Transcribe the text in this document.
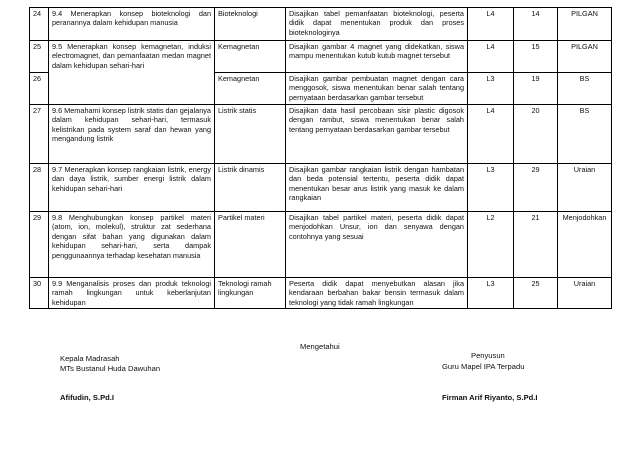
24	9.4 Menerapkan konsep bioteknologi dan peranannya dalam kehidupan manusia	Bioteknologi	Disajikan tabel pemanfaatan bioteknologi, peserta didik dapat menentukan produk dan proses bioteknologinya	L4	14	PILGAN
25	9.5 Menerapkan konsep kemagnetan, induksi electromagnet, dan pemanfaatan medan magnet dalam kehidupan sehari-hari	Kemagnetan	Disajikan gambar 4 magnet yang didekatkan, siswa mampu menentukan kutub kutub magnet tersebut	L4	15	PILGAN
26		Kemagnetan	Disajikan gambar pembuatan magnet dengan cara menggosok, siswa menentukan benar salah tentang pernyataan berdasarkan gambar tersebut	L3	19	BS
27	9.6 Memahami konsep listrik statis dan gejalanya dalam kehidupan sehari-hari, termasuk kelistrikan pada system saraf dan hewan yang mengandung listrik	Listrik statis	Disajikan data hasil percobaan sisir plastic digosok dengan rambut, siswa menentukan benar salah tentang pernyataan berdasarkan gambar tersebut	L4	20	BS
28	9.7 Menerapkan konsep rangkaian listrik, energy dan daya listrik, sumber energi listrik dalam kehidupan sehari-hari	Listrik dinamis	Disajikan gambar rangkaian listrik dengan hambatan dan beda potensial tertentu, peserta didik dapat menentukan besar arus listrik yang masuk ke dalam rangkaian	L3	29	Uraian
29	9.8 Menghubungkan konsep partikel materi (atom, ion, molekul), struktur zat sederhana dengan sifat bahan yang digunakan dalam kehidupan sehari-hari, serta dampak penggunaannya terhadap kesehatan manusia	Partikel materi	Disajikan tabel partikel materi, peserta didik dapat menjodohkan Unsur, ion dan senyawa dengan contohnya yang sesuai	L2	21	Menjodohkan
30	9.9 Menganalisis proses dan produk teknologi ramah lingkungan untuk keberlanjutan kehidupan	Teknologi ramah lingkungan	Peserta didik dapat menyebutkan alasan jika kendaraan berbahan bakar bensin termasuk dalam teknologi yang tidak ramah lingkungan	L3	25	Uraian
Mengetahui
Kepala Madrasah
MTs Bustanul Huda Dawuhan
Afifudin, S.Pd.I
Penyusun
Guru Mapel IPA Terpadu
Firman Arif Riyanto, S.Pd.I
